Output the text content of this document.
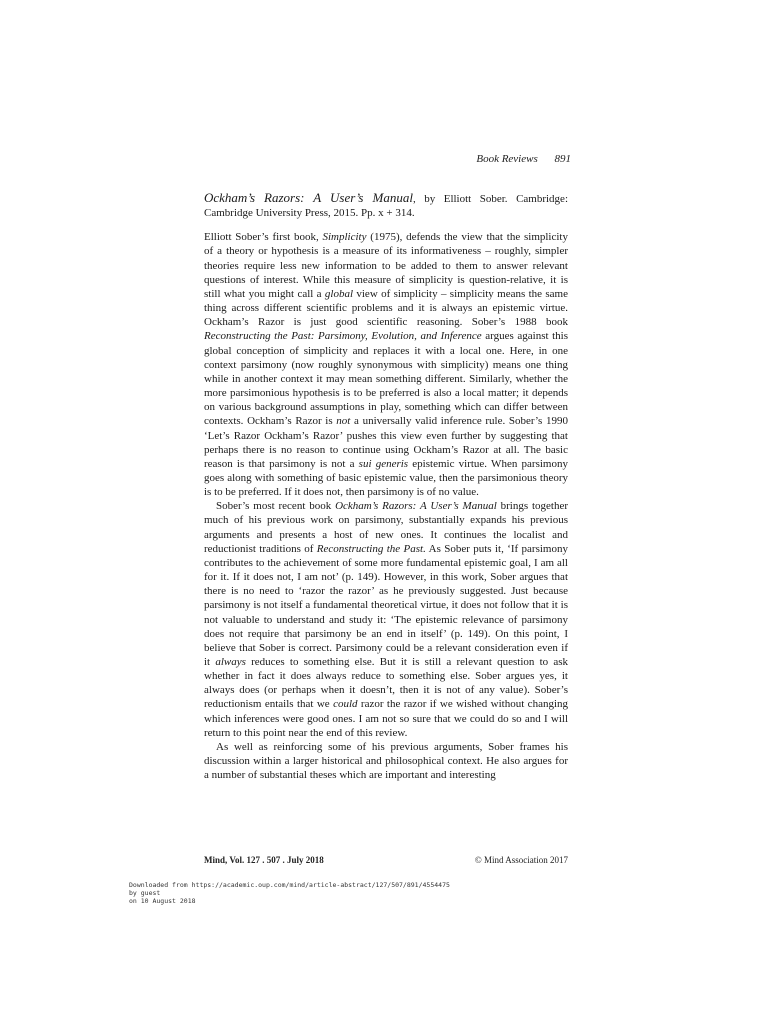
Book Reviews 891

Ockham’s Razors: A User’s Manual, by Elliott Sober. Cambridge: Cambridge University Press, 2015. Pp. x + 314.

Elliott Sober’s first book, Simplicity (1975), defends the view that the simplicity of a theory or hypothesis is a measure of its informativeness – roughly, simpler theories require less new information to be added to them to answer relevant questions of interest. While this measure of simplicity is question-relative, it is still what you might call a global view of simplicity – simplicity means the same thing across different scientific problems and it is always an epistemic virtue. Ockham’s Razor is just good scientific reasoning. Sober’s 1988 book Reconstructing the Past: Parsimony, Evolution, and Inference argues against this global conception of simplicity and replaces it with a local one. Here, in one context parsimony (now roughly synonymous with simplicity) means one thing while in another context it may mean something different. Similarly, whether the more parsimonious hypothesis is to be preferred is also a local matter; it depends on various background assumptions in play, something which can differ between contexts. Ockham’s Razor is not a universally valid inference rule. Sober’s 1990 ‘Let’s Razor Ockham’s Razor’ pushes this view even further by suggesting that perhaps there is no reason to continue using Ockham’s Razor at all. The basic reason is that parsimony is not a sui generis epistemic virtue. When parsimony goes along with something of basic epistemic value, then the parsimonious theory is to be preferred. If it does not, then parsimony is of no value.

Sober’s most recent book Ockham’s Razors: A User’s Manual brings together much of his previous work on parsimony, substantially expands his previous arguments and presents a host of new ones. It continues the localist and reductionist traditions of Reconstructing the Past. As Sober puts it, ‘If parsimony contributes to the achievement of some more fundamental epistemic goal, I am all for it. If it does not, I am not’ (p. 149). However, in this work, Sober argues that there is no need to ‘razor the razor’ as he previously suggested. Just because parsimony is not itself a fundamental theoretical virtue, it does not follow that it is not valuable to understand and study it: ‘The epistemic relevance of parsimony does not require that parsimony be an end in itself’ (p. 149). On this point, I believe that Sober is correct. Parsimony could be a relevant consideration even if it always reduces to something else. But it is still a relevant question to ask whether in fact it does always reduce to something else. Sober argues yes, it always does (or perhaps when it doesn’t, then it is not of any value). Sober’s reductionism entails that we could razor the razor if we wished without changing which inferences were good ones. I am not so sure that we could do so and I will return to this point near the end of this review.

As well as reinforcing some of his previous arguments, Sober frames his discussion within a larger historical and philosophical context. He also argues for a number of substantial theses which are important and interesting

Mind, Vol. 127 . 507 . July 2018	© Mind Association 2017
Downloaded from https://academic.oup.com/mind/article-abstract/127/507/891/4554475
by guest
on 10 August 2018
